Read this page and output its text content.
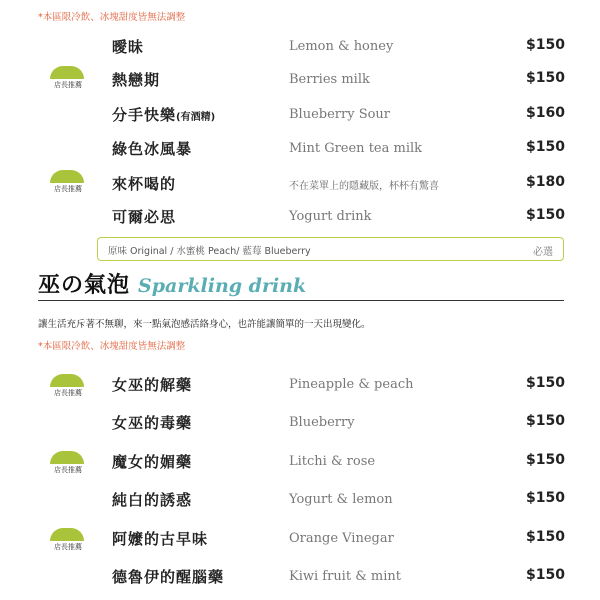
*本區限冷飲、冰塊甜度皆無法調整
曖昧	Lemon & honey	$150
店長推薦 熱戀期	Berries milk	$150
分手快樂(有酒精)	Blueberry Sour	$160
綠色冰風暴	Mint Green tea milk	$150
店長推薦 來杯喝的	不在菜單上的隱藏版，杯杯有驚喜	$180
可爾必思	Yogurt drink	$150
原味 Original / 水蜜桃 Peach/ 藍莓 Blueberry	必選
巫の氣泡 Sparkling drink
讓生活充斥著不無聊，來一點氣泡感活絡身心，也許能讓簡單的一天出現變化。
*本區限冷飲、冰塊甜度皆無法調整
店長推薦 女巫的解藥	Pineapple & peach	$150
女巫的毒藥	Blueberry	$150
店長推薦 魔女的媚藥	Litchi & rose	$150
純白的誘惑	Yogurt & lemon	$150
店長推薦 阿嬤的古早味	Orange Vinegar	$150
德魯伊的醒腦藥	Kiwi fruit & mint	$150
